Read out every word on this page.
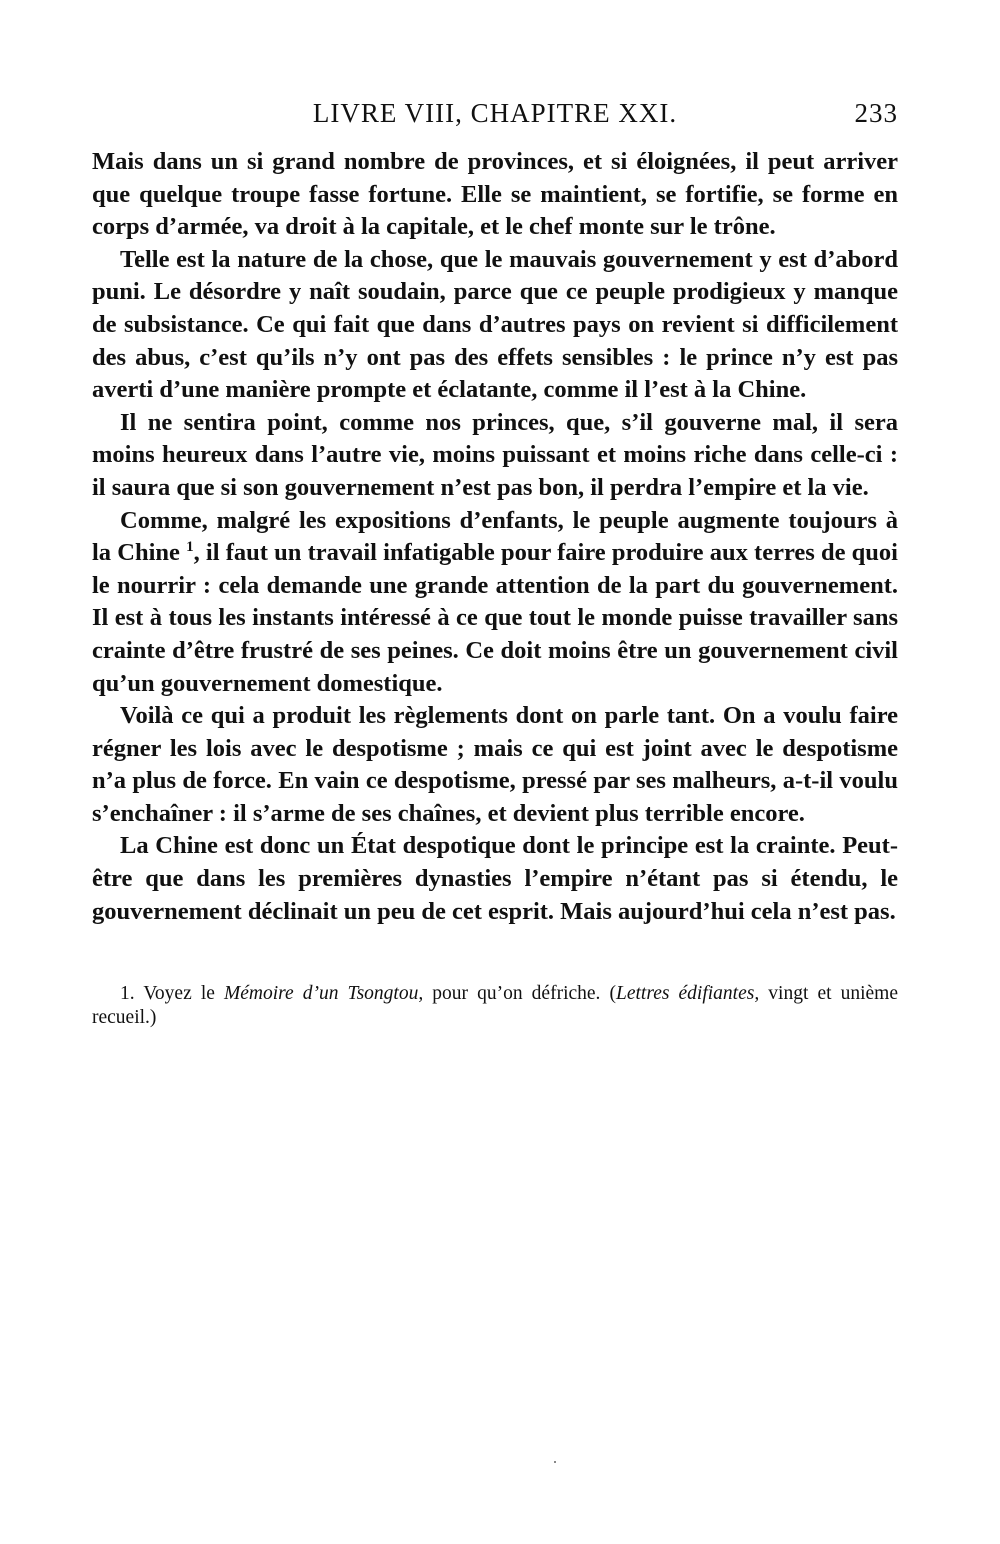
LIVRE VIII, CHAPITRE XXI.	233

Mais dans un si grand nombre de provinces, et si éloignées, il peut arriver que quelque troupe fasse fortune. Elle se maintient, se fortifie, se forme en corps d’armée, va droit à la capitale, et le chef monte sur le trône.

Telle est la nature de la chose, que le mauvais gouvernement y est d’abord puni. Le désordre y naît soudain, parce que ce peuple prodigieux y manque de subsistance. Ce qui fait que dans d’autres pays on revient si difficilement des abus, c’est qu’ils n’y ont pas des effets sensibles : le prince n’y est pas averti d’une manière prompte et éclatante, comme il l’est à la Chine.

Il ne sentira point, comme nos princes, que, s’il gouverne mal, il sera moins heureux dans l’autre vie, moins puissant et moins riche dans celle-ci : il saura que si son gouvernement n’est pas bon, il perdra l’empire et la vie.

Comme, malgré les expositions d’enfants, le peuple augmente toujours à la Chine $^1$, il faut un travail infatigable pour faire produire aux terres de quoi le nourrir : cela demande une grande attention de la part du gouvernement. Il est à tous les instants intéressé à ce que tout le monde puisse travailler sans crainte d’être frustré de ses peines. Ce doit moins être un gouvernement civil qu’un gouvernement domestique.

Voilà ce qui a produit les règlements dont on parle tant. On a voulu faire régner les lois avec le despotisme ; mais ce qui est joint avec le despotisme n’a plus de force. En vain ce despotisme, pressé par ses malheurs, a-t-il voulu s’enchaîner : il s’arme de ses chaînes, et devient plus terrible encore.

La Chine est donc un État despotique dont le principe est la crainte. Peut-être que dans les premières dynasties l’empire n’étant pas si étendu, le gouvernement déclinait un peu de cet esprit. Mais aujourd’hui cela n’est pas.

1. Voyez le Mémoire d’un Tsongtou, pour qu’on défriche. (Lettres édifiantes, vingt et unième recueil.)
